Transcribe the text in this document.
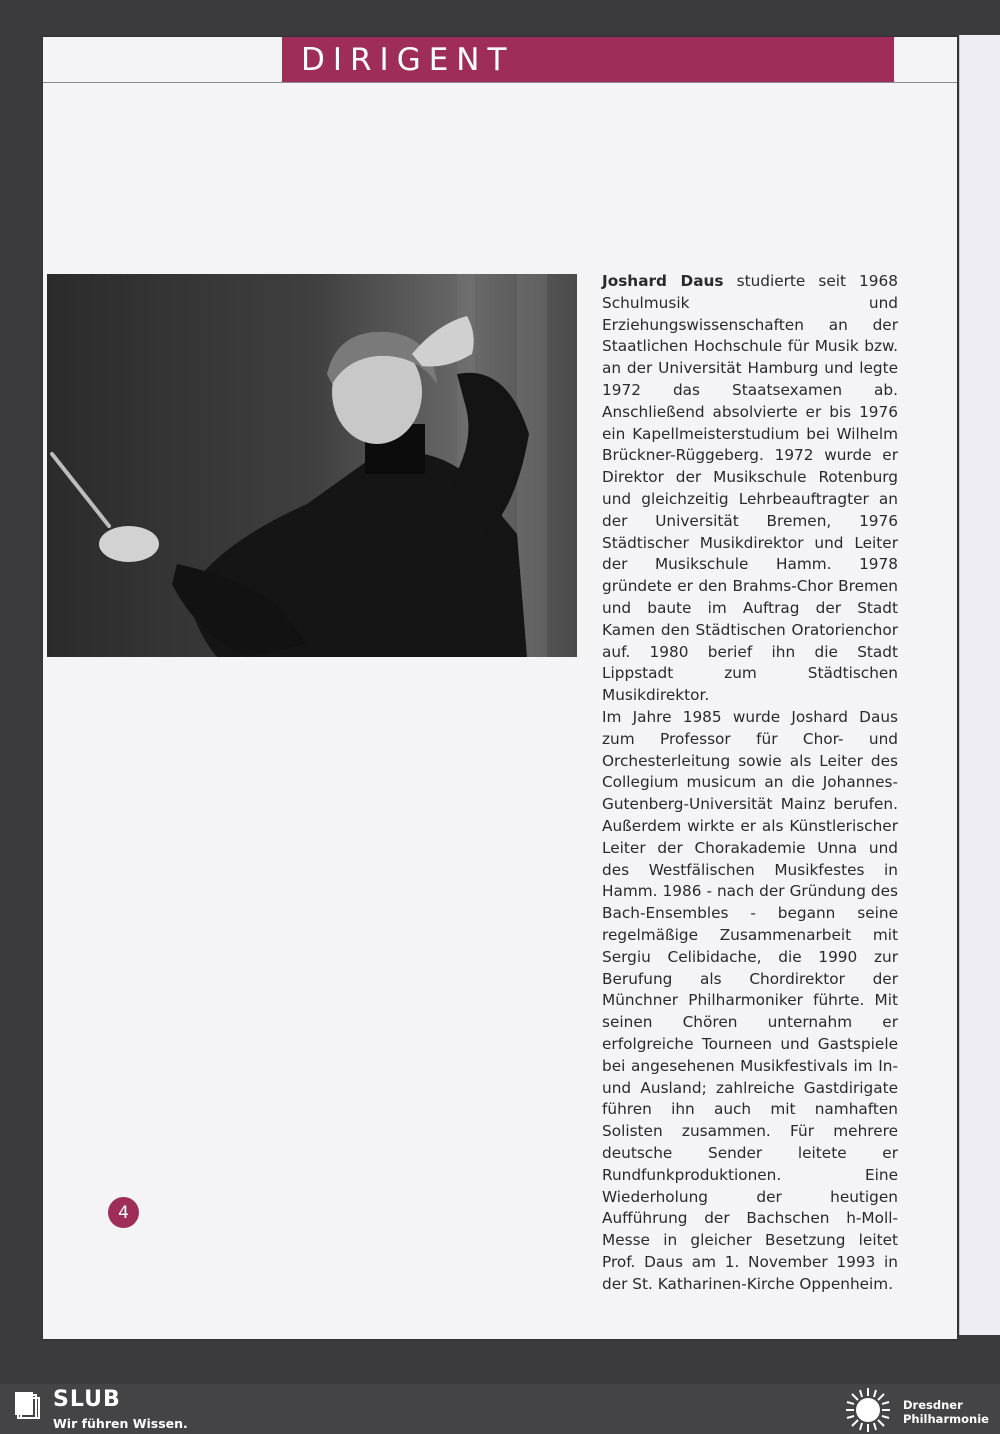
DIRIGENT
Joshard Daus studierte seit 1968 Schulmusik und Erziehungswissenschaften an der Staatlichen Hochschule für Musik bzw. an der Universität Hamburg und legte 1972 das Staatsexamen ab. Anschließend absolvierte er bis 1976 ein Kapellmeisterstudium bei Wilhelm Brückner-Rüggeberg. 1972 wurde er Direktor der Musikschule Rotenburg und gleichzeitig Lehrbeauftragter an der Universität Bremen, 1976 Städtischer Musikdirektor und Leiter der Musikschule Hamm. 1978 gründete er den Brahms-Chor Bremen und baute im Auftrag der Stadt Kamen den Städtischen Oratorienchor auf. 1980 berief ihn die Stadt Lippstadt zum Städtischen Musikdirektor.
Im Jahre 1985 wurde Joshard Daus zum Professor für Chor- und Orchesterleitung sowie als Leiter des Collegium musicum an die Johannes-Gutenberg-Universität Mainz berufen. Außerdem wirkte er als Künstlerischer Leiter der Chorakademie Unna und des Westfälischen Musikfestes in Hamm. 1986 - nach der Gründung des Bach-Ensembles - begann seine regelmäßige Zusammenarbeit mit Sergiu Celibidache, die 1990 zur Berufung als Chordirektor der Münchner Philharmoniker führte. Mit seinen Chören unternahm er erfolgreiche Tourneen und Gastspiele bei angesehenen Musikfestivals im In- und Ausland; zahlreiche Gastdirigate führen ihn auch mit namhaften Solisten zusammen. Für mehrere deutsche Sender leitete er Rundfunkproduktionen. Eine Wiederholung der heutigen Aufführung der Bachschen h-Moll-Messe in gleicher Besetzung leitet Prof. Daus am 1. November 1993 in der St. Katharinen-Kirche Oppenheim.
4
SLUB
Wir führen Wissen.
Dresdner
Philharmonie
